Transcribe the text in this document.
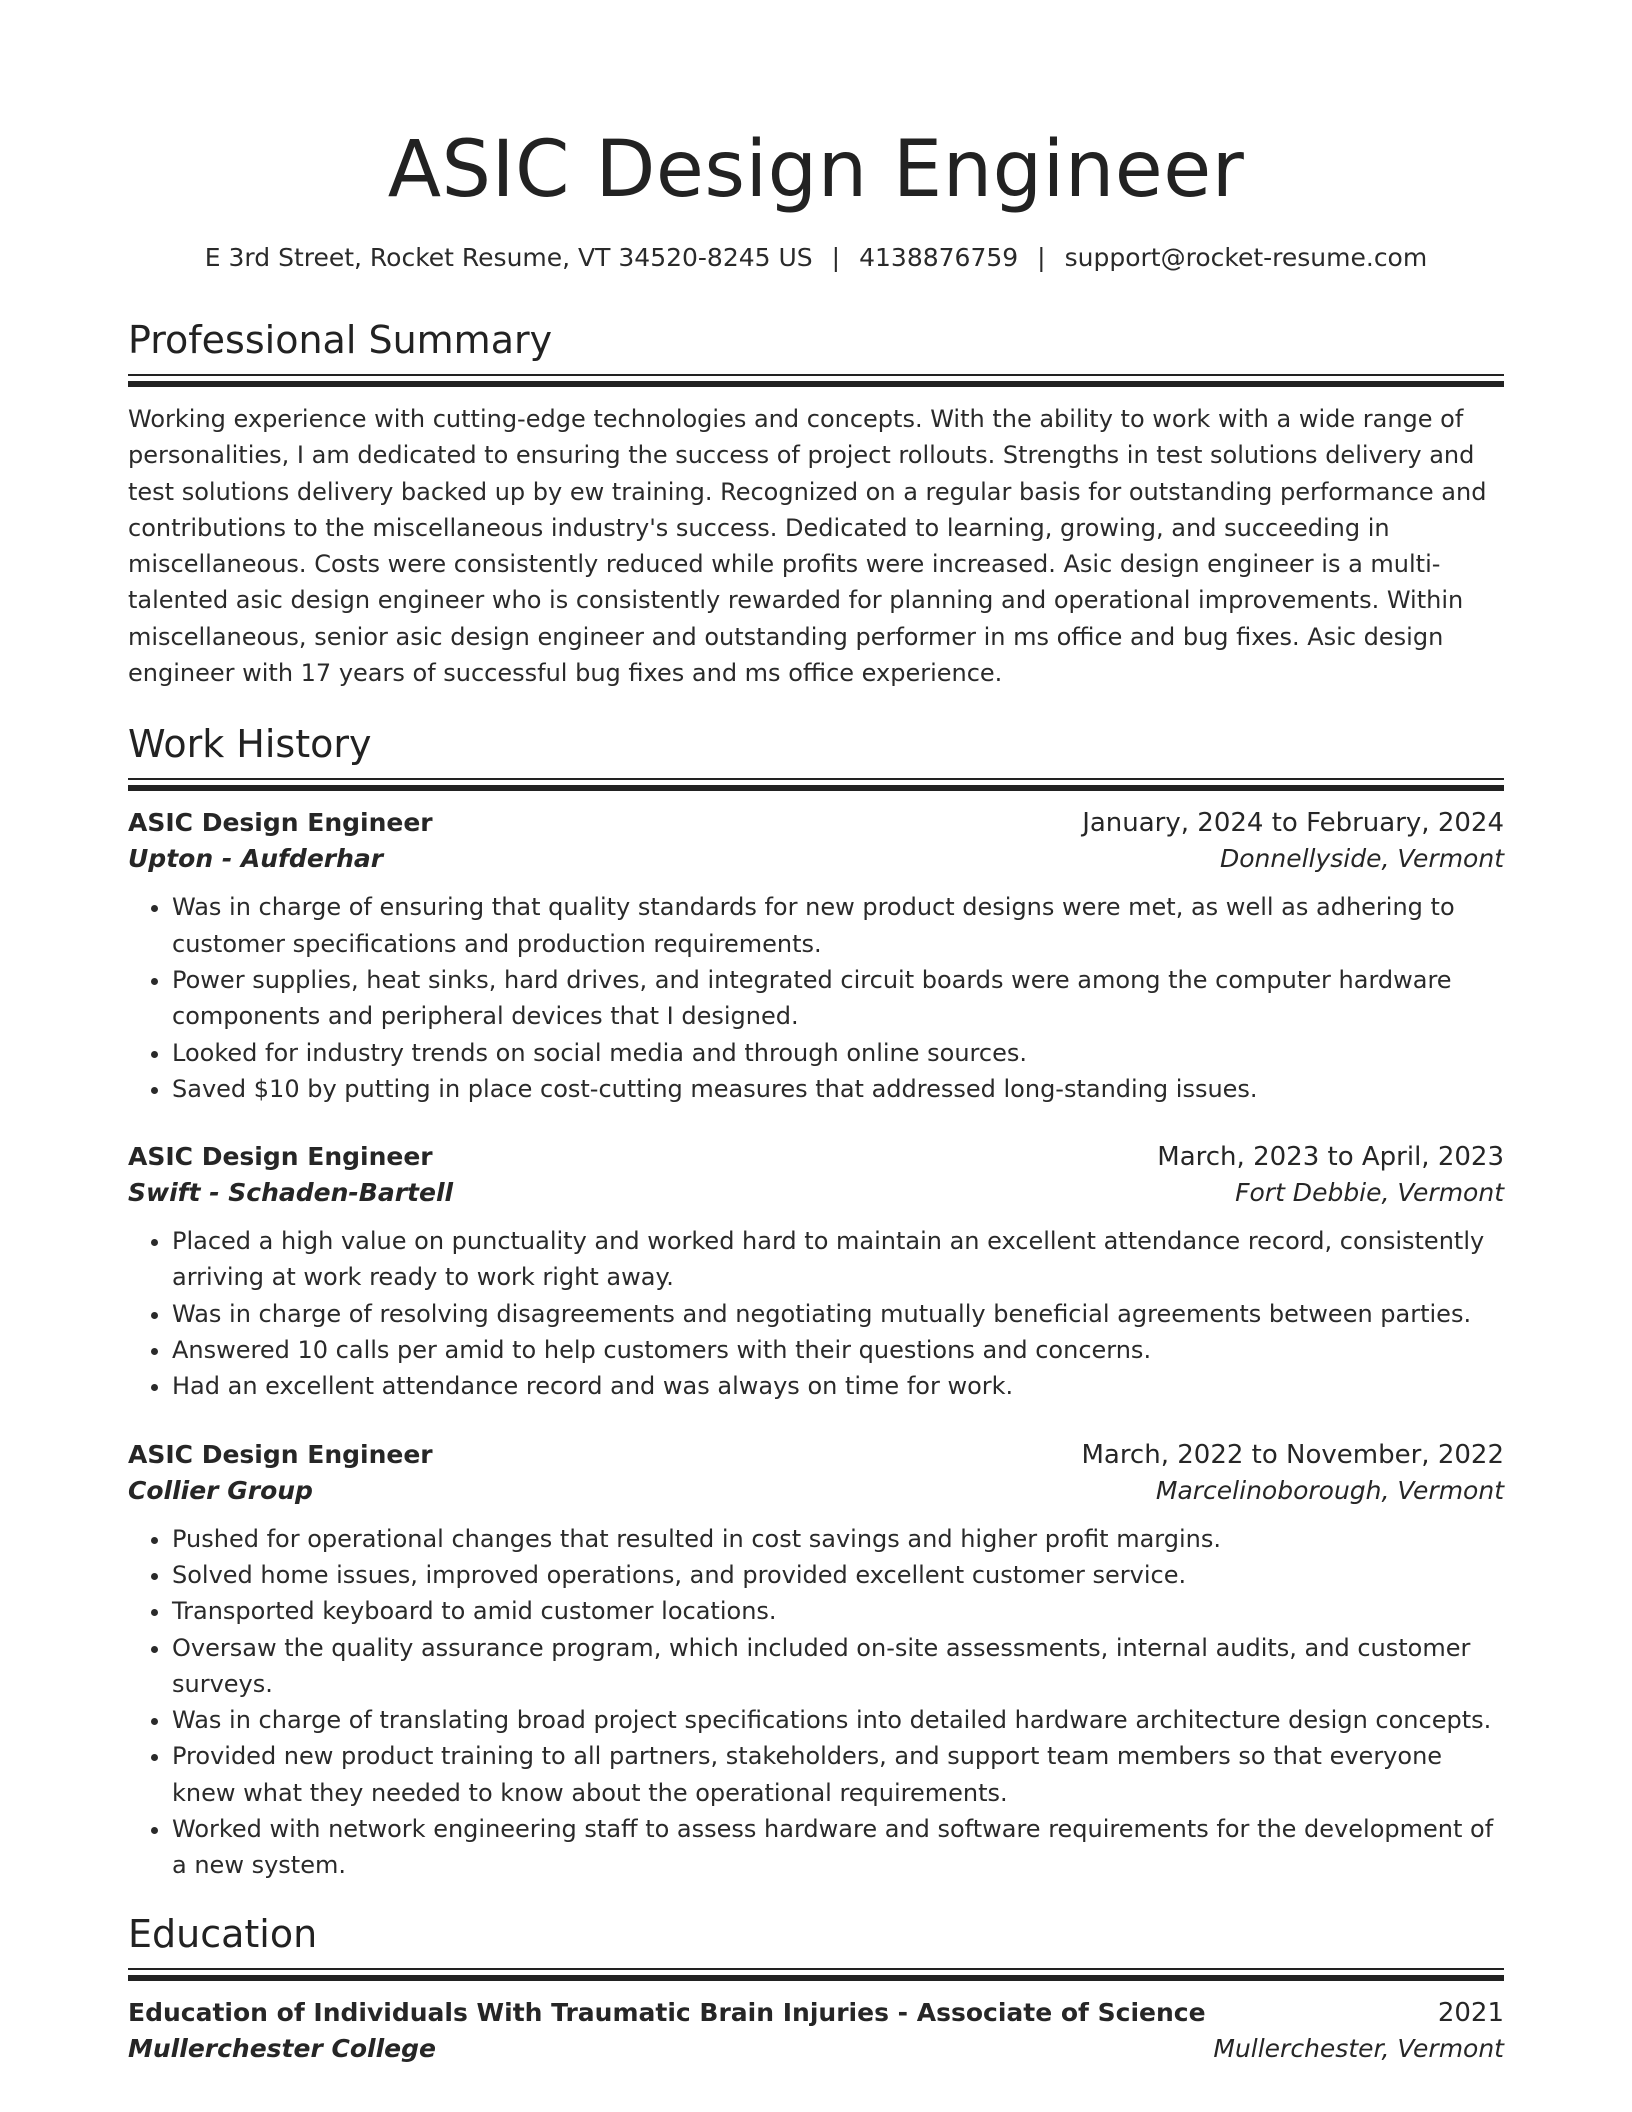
ASIC Design Engineer
E 3rd Street, Rocket Resume, VT 34520-8245 US | 4138876759 | support@rocket-resume.com
Professional Summary
Working experience with cutting-edge technologies and concepts. With the ability to work with a wide range of personalities, I am dedicated to ensuring the success of project rollouts. Strengths in test solutions delivery and test solutions delivery backed up by ew training. Recognized on a regular basis for outstanding performance and contributions to the miscellaneous industry's success. Dedicated to learning, growing, and succeeding in miscellaneous. Costs were consistently reduced while profits were increased. Asic design engineer is a multi-talented asic design engineer who is consistently rewarded for planning and operational improvements. Within miscellaneous, senior asic design engineer and outstanding performer in ms office and bug fixes. Asic design engineer with 17 years of successful bug fixes and ms office experience.
Work History
ASIC Design Engineer	January, 2024 to February, 2024
Upton - Aufderhar	Donnellyside, Vermont
• Was in charge of ensuring that quality standards for new product designs were met, as well as adhering to customer specifications and production requirements.
• Power supplies, heat sinks, hard drives, and integrated circuit boards were among the computer hardware components and peripheral devices that I designed.
• Looked for industry trends on social media and through online sources.
• Saved $10 by putting in place cost-cutting measures that addressed long-standing issues.
ASIC Design Engineer	March, 2023 to April, 2023
Swift - Schaden-Bartell	Fort Debbie, Vermont
• Placed a high value on punctuality and worked hard to maintain an excellent attendance record, consistently arriving at work ready to work right away.
• Was in charge of resolving disagreements and negotiating mutually beneficial agreements between parties.
• Answered 10 calls per amid to help customers with their questions and concerns.
• Had an excellent attendance record and was always on time for work.
ASIC Design Engineer	March, 2022 to November, 2022
Collier Group	Marcelinoborough, Vermont
• Pushed for operational changes that resulted in cost savings and higher profit margins.
• Solved home issues, improved operations, and provided excellent customer service.
• Transported keyboard to amid customer locations.
• Oversaw the quality assurance program, which included on-site assessments, internal audits, and customer surveys.
• Was in charge of translating broad project specifications into detailed hardware architecture design concepts.
• Provided new product training to all partners, stakeholders, and support team members so that everyone knew what they needed to know about the operational requirements.
• Worked with network engineering staff to assess hardware and software requirements for the development of a new system.
Education
Education of Individuals With Traumatic Brain Injuries - Associate of Science	2021
Mullerchester College	Mullerchester, Vermont
